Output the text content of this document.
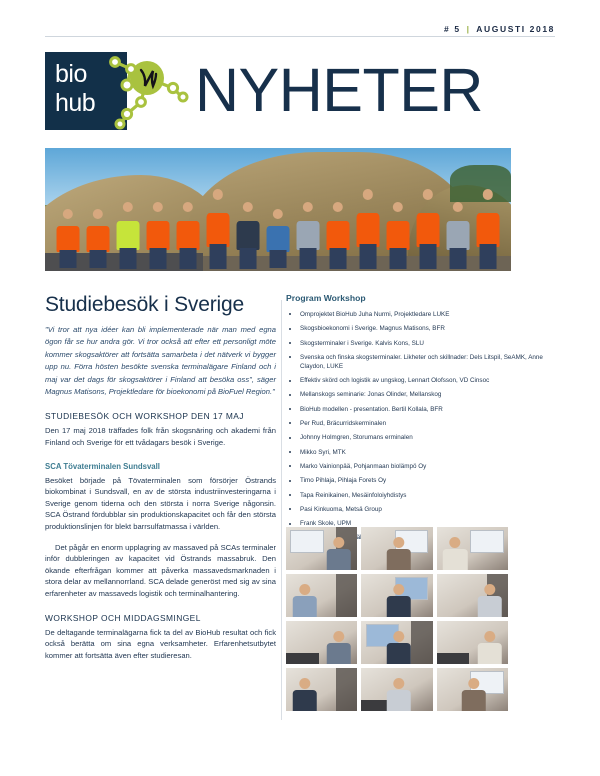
# 5 | AUGUSTI 2018
bio
hub NYHETER
Studiebesök i Sverige

"Vi tror att nya idéer kan bli implementerade när man med egna ögon får se hur andra gör. Vi tror också att efter ett personligt möte kommer skogsaktörer att fortsätta samarbeta i det nätverk vi bygger upp nu. Förra hösten besökte svenska terminalägare Finland och i maj var det dags för skogsaktörer i Finland att besöka oss", säger Magnus Matisons, Projektledare för bioekonomi på BioFuel Region."

STUDIEBESÖK OCH WORKSHOP DEN 17 MAJ

Den 17 maj 2018 träffades folk från skogsnäring och akademi från Finland och Sverige för ett tvådagars besök i Sverige.

SCA Tövaterminalen Sundsvall

Besöket började på Tövaterminalen som försörjer Östrands biokombinat i Sundsvall, en av de största industriinvesteringarna i Sverige genom tiderna och den största i norra Sverige någonsin. SCA Östrand fördubblar sin produktionskapacitet och får den största produktionslinjen för blekt barrsulfatmassa i världen.

Det pågår en enorm upplagring av massaved på SCAs terminaler inför dubbleringen av kapacitet vid Östrands massabruk. Den ökande efterfrågan kommer att påverka massavedsmarknaden i stora delar av mellannorrland. SCA delade generöst med sig av sina erfarenheter av massaveds logistik och terminalhantering.

WORKSHOP OCH MIDDAGSMINGEL

De deltagande terminalägarna fick ta del av BioHub resultat och fick också berätta om sina egna verksamheter. Erfarenhetsutbytet kommer att fortsätta även efter studieresan.

Program Workshop
Omprojektet BioHub Juha Nurmi, Projektledare LUKE
Skogsbioekonomi i Sverige. Magnus Matisons, BFR
Skogsterminaler i Sverige. Kalvis Kons, SLU
Svenska och finska skogsterminaler. Likheter och skillnader: Dels Litspil, SeAMK, Anne Claydon, LUKE
Effektiv skörd och logistik av ungskog, Lennart Olofsson, VD Cinsoc
Mellanskogs seminarie: Jonas Olinder, Mellanskog
BioHub modellen - presentation. Bertil Kollala, BFR
Per Rud, Bräcurridskerminalen
Johnny Holmgren, Storumans erminalen
Mikko Syri, MTK
Marko Vainionpää, Pohjanmaan biolämpö Oy
Timo Pihlaja, Pihlaja Forets Oy
Tapa Reinikainen, Mesäinfoloiyhdistys
Pasi Kinkuoma, Metsä Group
Frank Skole, UPM
